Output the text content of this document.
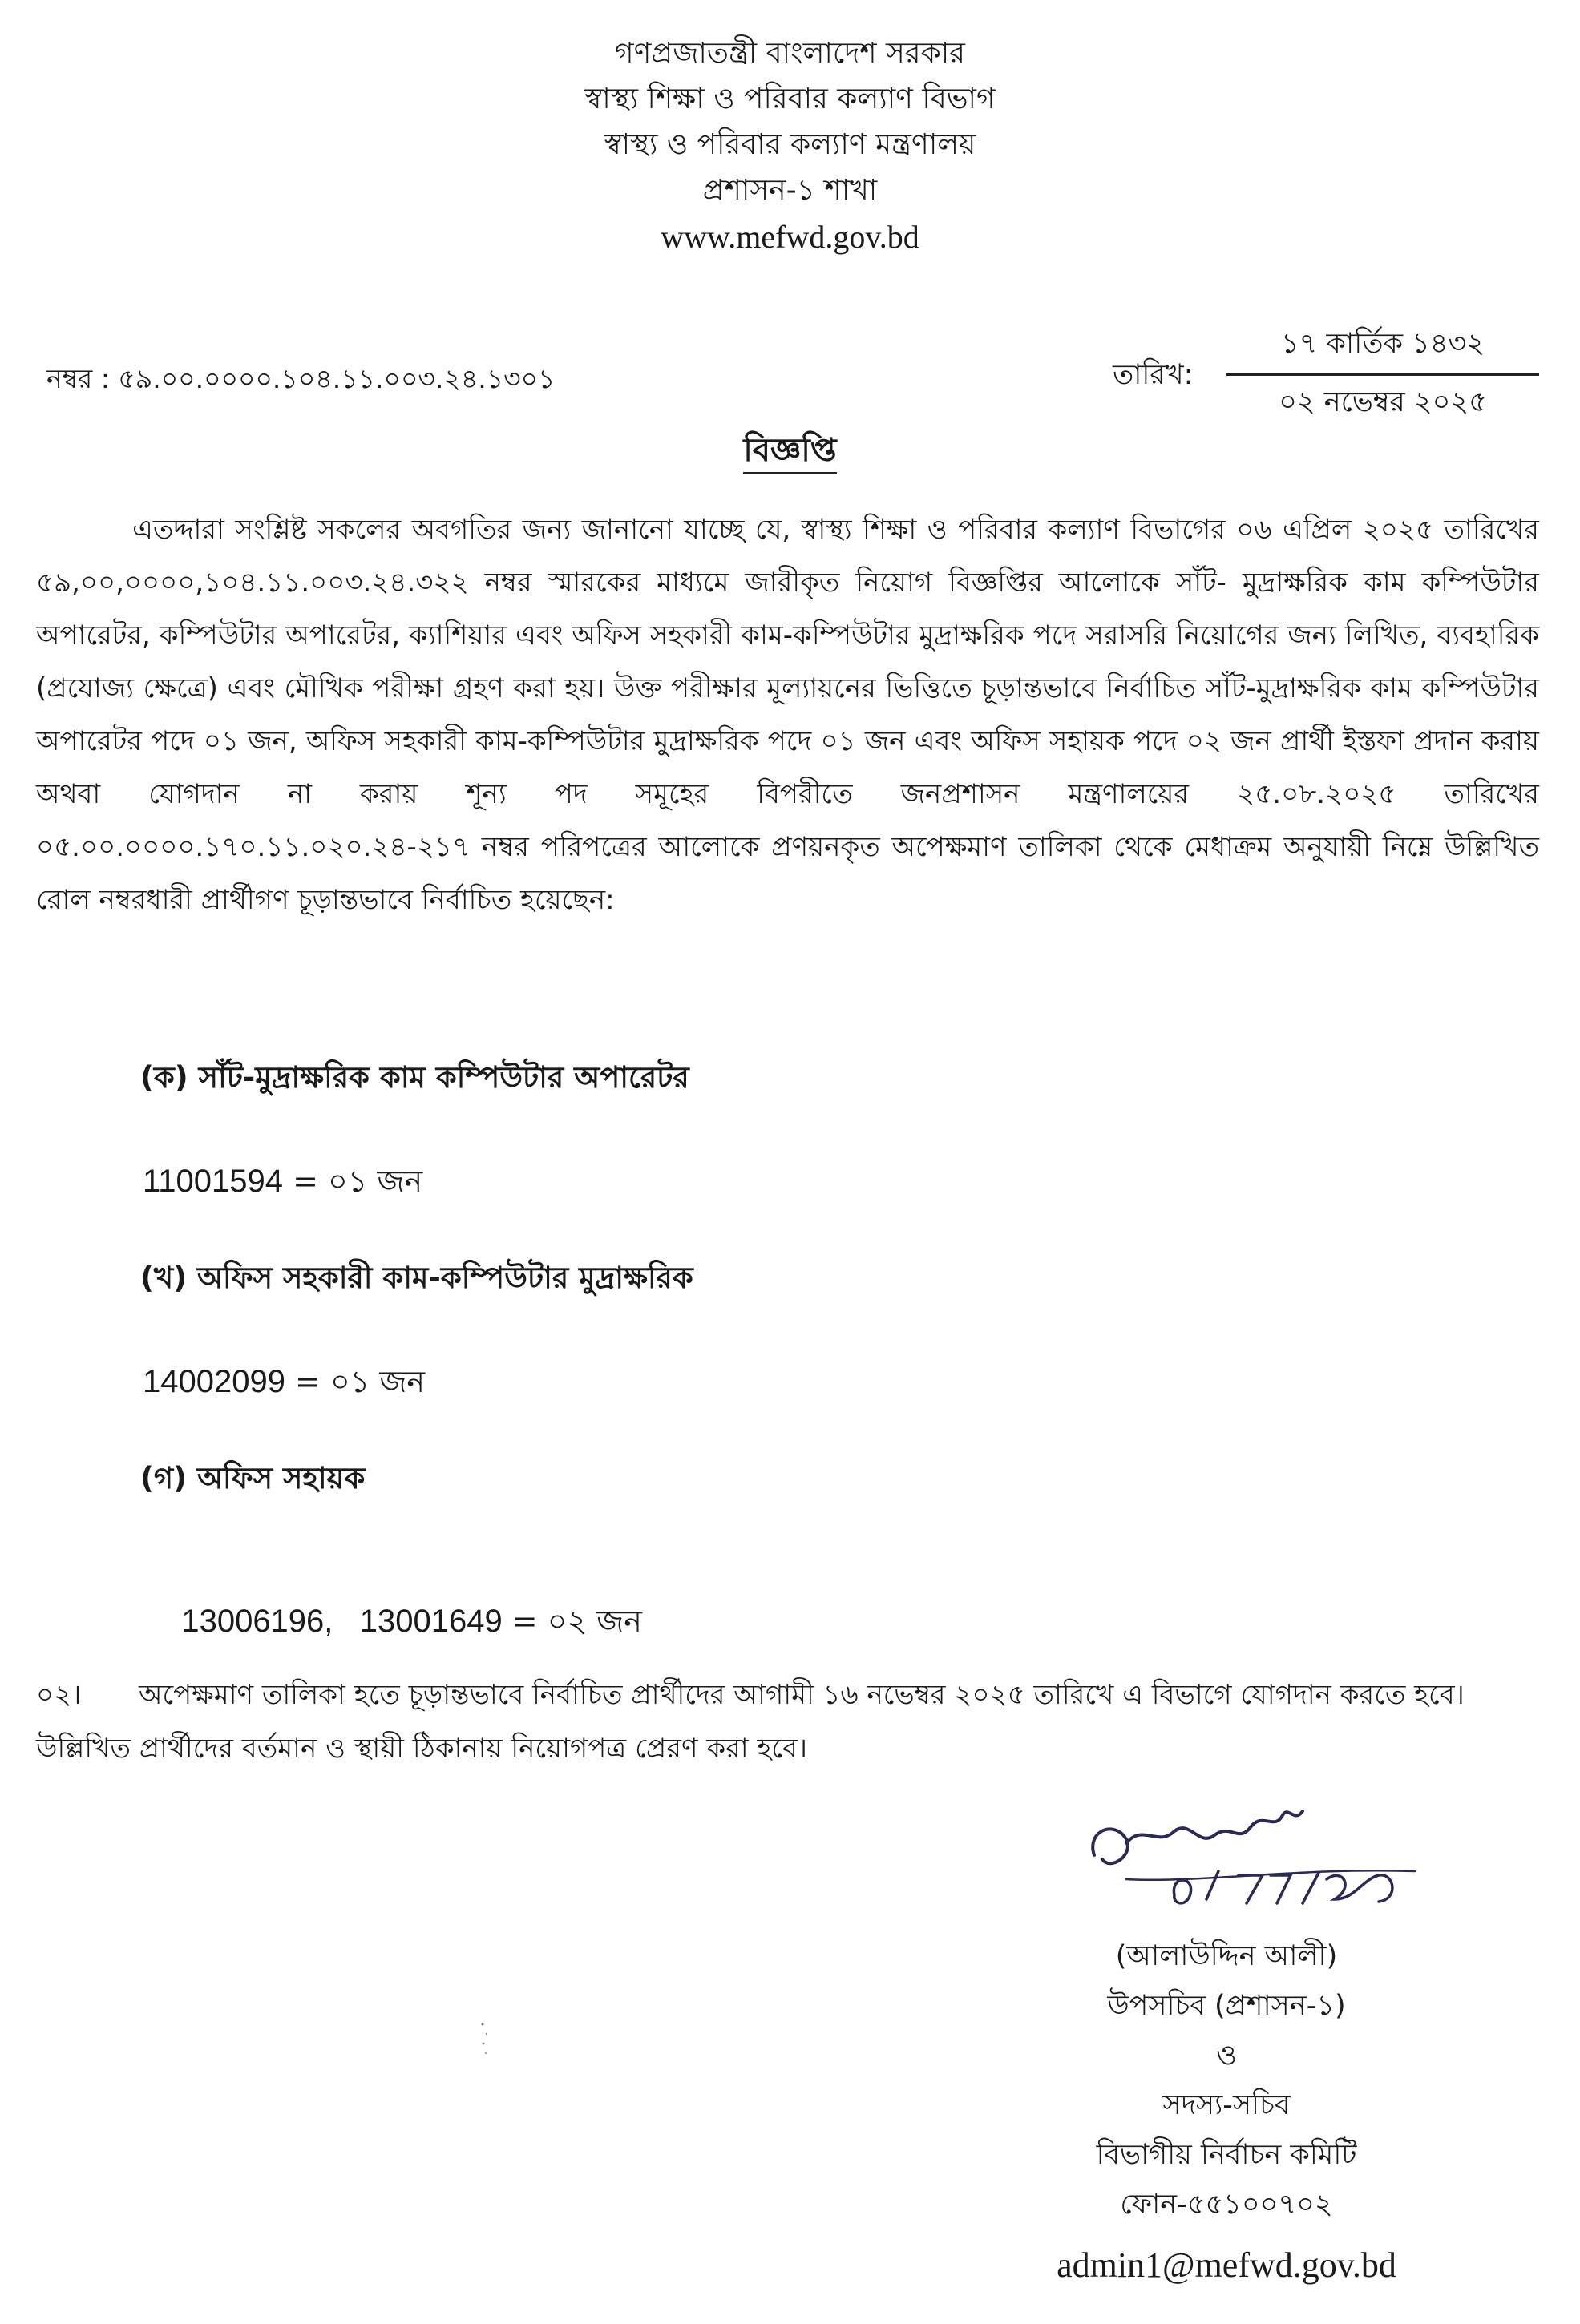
গণপ্রজাতন্ত্রী বাংলাদেশ সরকার
স্বাস্থ্য শিক্ষা ও পরিবার কল্যাণ বিভাগ
স্বাস্থ্য ও পরিবার কল্যাণ মন্ত্রণালয়
প্রশাসন-১ শাখা
www.mefwd.gov.bd
নম্বর : ৫৯.০০.০০০০.১০৪.১১.০০৩.২৪.১৩০১	তারিখ:
১৭ কার্তিক ১৪৩২
০২ নভেম্বর ২০২৫
বিজ্ঞপ্তি
এতদ্দারা সংশ্লিষ্ট সকলের অবগতির জন্য জানানো যাচ্ছে যে, স্বাস্থ্য শিক্ষা ও পরিবার কল্যাণ বিভাগের ০৬ এপ্রিল ২০২৫ তারিখের ৫৯,০০,০০০০,১০৪.১১.০০৩.২৪.৩২২ নম্বর স্মারকের মাধ্যমে জারীকৃত নিয়োগ বিজ্ঞপ্তির আলোকে সাঁট- মুদ্রাক্ষরিক কাম কম্পিউটার অপারেটর, কম্পিউটার অপারেটর, ক্যাশিয়ার এবং অফিস সহকারী কাম-কম্পিউটার মুদ্রাক্ষরিক পদে সরাসরি নিয়োগের জন্য লিখিত, ব্যবহারিক (প্রযোজ্য ক্ষেত্রে) এবং মৌখিক পরীক্ষা গ্রহণ করা হয়। উক্ত পরীক্ষার মূল্যায়নের ভিত্তিতে চূড়ান্তভাবে নির্বাচিত সাঁট-মুদ্রাক্ষরিক কাম কম্পিউটার অপারেটর পদে ০১ জন, অফিস সহকারী কাম-কম্পিউটার মুদ্রাক্ষরিক পদে ০১ জন এবং অফিস সহায়ক পদে ০২ জন প্রার্থী ইস্তফা প্রদান করায় অথবা যোগদান না করায় শূন্য পদ সমূহের বিপরীতে জনপ্রশাসন মন্ত্রণালয়ের ২৫.০৮.২০২৫ তারিখের ০৫.০০.০০০০.১৭০.১১.০২০.২৪-২১৭ নম্বর পরিপত্রের আলোকে প্রণয়নকৃত অপেক্ষমাণ তালিকা থেকে মেধাক্রম অনুযায়ী নিম্নে উল্লিখিত রোল নম্বরধারী প্রার্থীগণ চূড়ান্তভাবে নির্বাচিত হয়েছেন:
(ক) সাঁট-মুদ্রাক্ষরিক কাম কম্পিউটার অপারেটর
11001594 = ০১ জন
(খ) অফিস সহকারী কাম-কম্পিউটার মুদ্রাক্ষরিক
14002099 = ০১ জন
(গ) অফিস সহায়ক

13006196,   13001649 = ০২ জন

০২। অপেক্ষমাণ তালিকা হতে চূড়ান্তভাবে নির্বাচিত প্রার্থীদের আগামী ১৬ নভেম্বর ২০২৫ তারিখে এ বিভাগে যোগদান করতে হবে। উল্লিখিত প্রার্থীদের বর্তমান ও স্থায়ী ঠিকানায় নিয়োগপত্র প্রেরণ করা হবে।
(আলাউদ্দিন আলী)
উপসচিব (প্রশাসন-১)
ও
সদস্য-সচিব
বিভাগীয় নির্বাচন কমিটি
ফোন-৫৫১০০৭০২
admin1@mefwd.gov.bd
